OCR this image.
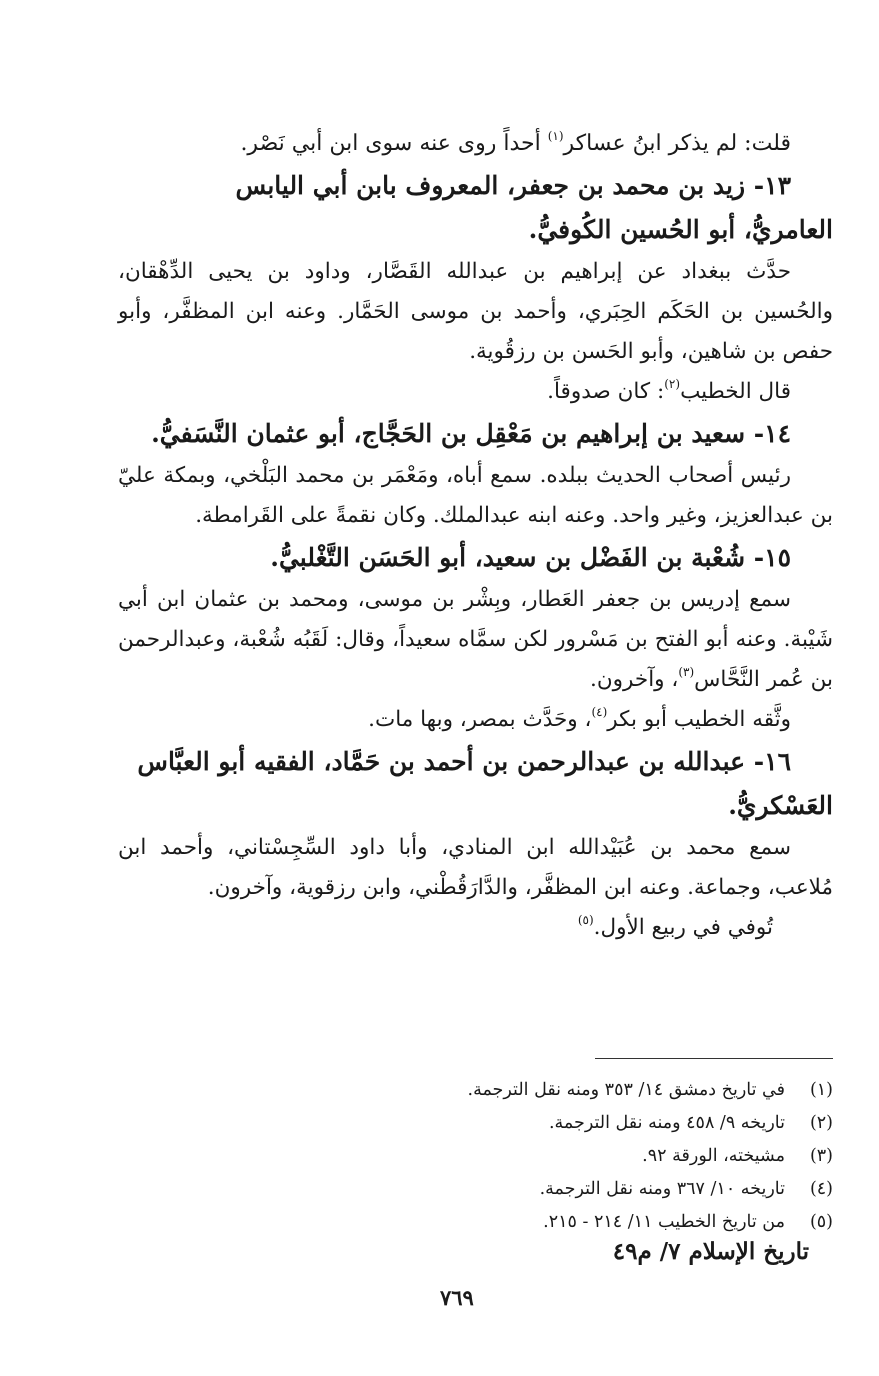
قلت: لم يذكر ابنُ عساكر$^{(١)}$ أحداً روى عنه سوى ابن أبي نَصْر.

١٣- زيد بن محمد بن جعفر، المعروف بابن أبي اليابس

العامريُّ، أبو الحُسين الكُوفيُّ.

حدَّث ببغداد عن إبراهيم بن عبدالله القَصَّار، وداود بن يحيى الدِّهْقان، والحُسين بن الحَكَم الحِبَري، وأحمد بن موسى الحَمَّار. وعنه ابن المظفَّر، وأبو حفص بن شاهين، وأبو الحَسن بن رزقُوية.

قال الخطيب$^{(٢)}$: كان صدوقاً.

١٤- سعيد بن إبراهيم بن مَعْقِل بن الحَجَّاج، أبو عثمان النَّسَفيُّ.

رئيس أصحاب الحديث ببلده. سمع أباه، ومَعْمَر بن محمد البَلْخي، وبمكة عليّ بن عبدالعزيز، وغير واحد. وعنه ابنه عبدالملك. وكان نقمةً على القَرامطة.

١٥- شُعْبة بن الفَضْل بن سعيد، أبو الحَسَن التَّغْلبيُّ.

سمع إدريس بن جعفر العَطار، وبِشْر بن موسى، ومحمد بن عثمان ابن أبي شَيْبة. وعنه أبو الفتح بن مَسْرور لكن سمَّاه سعيداً، وقال: لَقَبُه شُعْبة، وعبدالرحمن بن عُمر النَّحَّاس$^{(٣)}$، وآخرون.

وثَّقه الخطيب أبو بكر$^{(٤)}$، وحَدَّث بمصر، وبها مات.

١٦- عبدالله بن عبدالرحمن بن أحمد بن حَمَّاد، الفقيه أبو العبَّاس

العَسْكريُّ.

سمع محمد بن عُبَيْدالله ابن المنادي، وأبا داود السِّجِسْتاني، وأحمد ابن مُلاعب، وجماعة. وعنه ابن المظفَّر، والدَّارَقُطْني، وابن رزقوية، وآخرون.

تُوفي في ربيع الأول.$^{(٥)}$

(١)
في تاريخ دمشق ١٤/ ٣٥٣ ومنه نقل الترجمة.

(٢)
تاريخه ٩/ ٤٥٨ ومنه نقل الترجمة.

(٣)
مشيخته، الورقة ٩٢.

(٤)
تاريخه ١٠/ ٣٦٧ ومنه نقل الترجمة.

(٥)
من تاريخ الخطيب ١١/ ٢١٤ - ٢١٥.

تاريخ الإسلام ٧/ م٤٩
٧٦٩
